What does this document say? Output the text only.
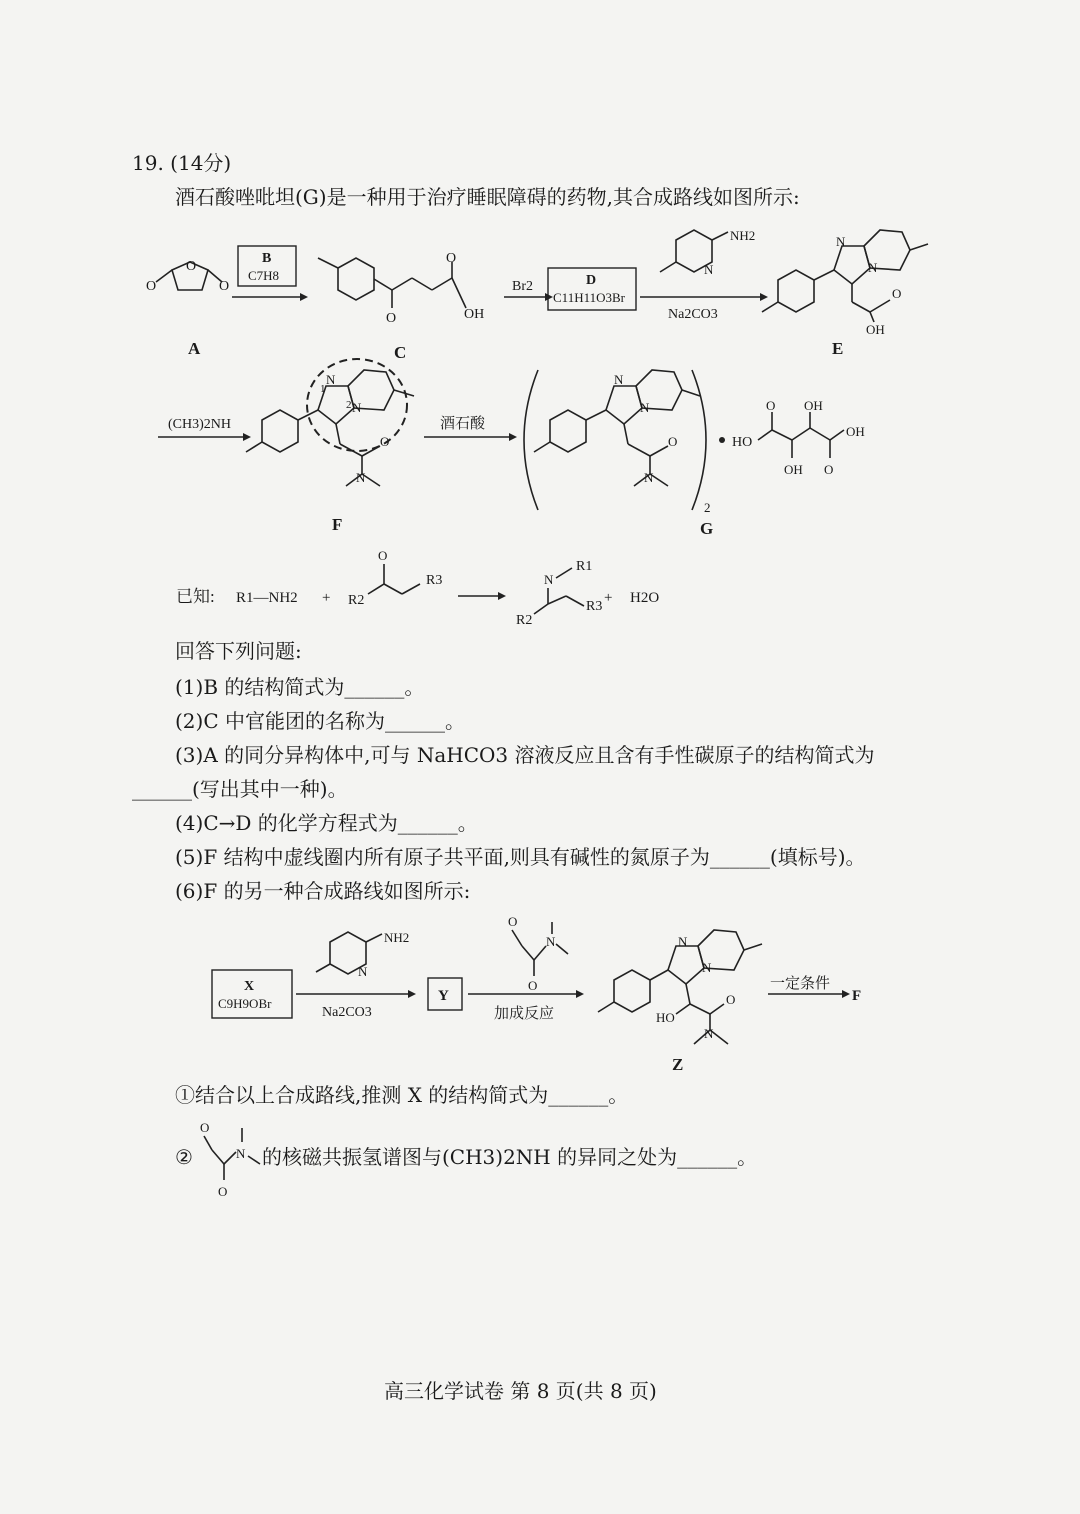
19. (14分)
酒石酸唑吡坦(G)是一种用于治疗睡眠障碍的药物,其合成路线如图所示:
O
O	O
A
B
C7H8
O
O
OH
C
Br2	D
C11H11O3Br
NH2
N
Na2CO3
N
N
O
OH
E
(CH3)2NH
1
N
2 N
O
N
F
酒石酸
2
N
N
O
N
HO
O OH
OH
OH O
G
已知: R1—NH2 + R2
O
R3	N
R1
R2
R3
+ H2O
回答下列问题:
(1)B 的结构简式为______。
(2)C 中官能团的名称为______。
(3)A 的同分异构体中,可与 NaHCO3 溶液反应且含有手性碳原子的结构简式为
______(写出其中一种)。
(4)C→D 的化学方程式为______。
(5)F 结构中虚线圈内所有原子共平面,则具有碱性的氮原子为______(填标号)。
(6)F 的另一种合成路线如图所示:
X
C9H9OBr
NH2
N
Na2CO3
Y
O
N
O
加成反应
N
N
HO
O
N
Z
一定条件
F
O
N
O
①结合以上合成路线,推测 X 的结构简式为______。
②	的核磁共振氢谱图与(CH3)2NH 的异同之处为______。
高三化学试卷 第 8 页(共 8 页)
